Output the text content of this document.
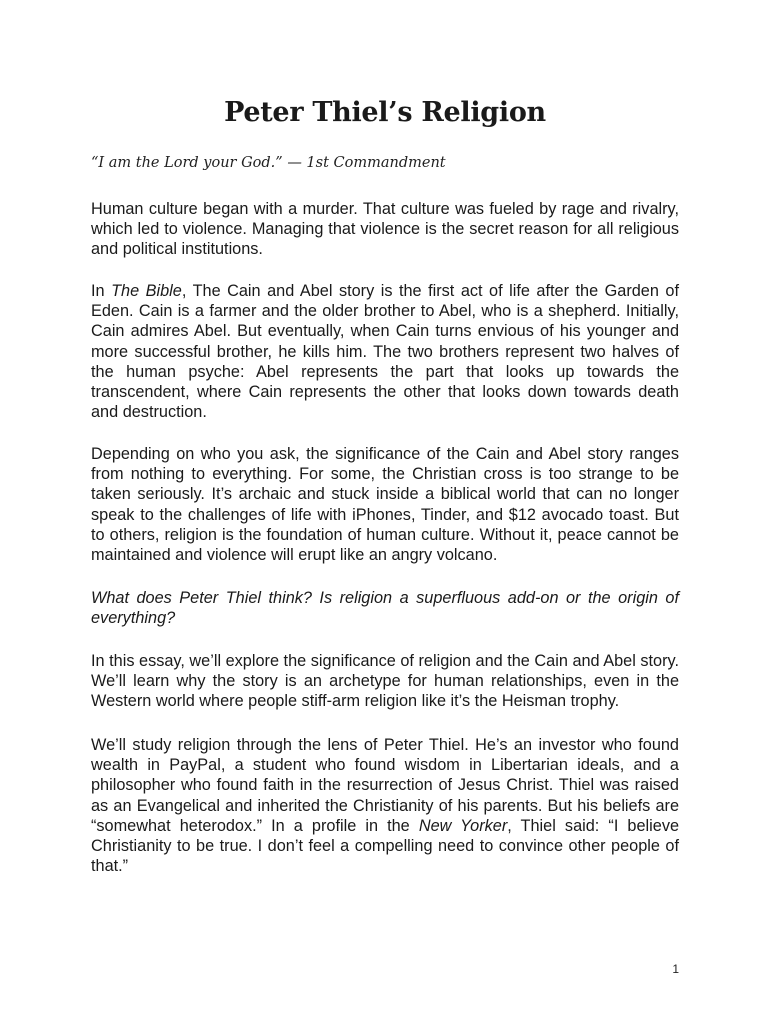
Peter Thiel’s Religion

“I am the Lord your God.” — 1st Commandment

Human culture began with a murder. That culture was fueled by rage and rivalry, which led to violence. Managing that violence is the secret reason for all religious and political institutions.

In The Bible, The Cain and Abel story is the first act of life after the Garden of Eden. Cain is a farmer and the older brother to Abel, who is a shepherd. Initially, Cain admires Abel. But eventually, when Cain turns envious of his younger and more successful brother, he kills him. The two brothers represent two halves of the human psyche: Abel represents the part that looks up towards the transcendent, where Cain represents the other that looks down towards death and destruction.

Depending on who you ask, the significance of the Cain and Abel story ranges from nothing to everything. For some, the Christian cross is too strange to be taken seriously. It’s archaic and stuck inside a biblical world that can no longer speak to the challenges of life with iPhones, Tinder, and $12 avocado toast. But to others, religion is the foundation of human culture. Without it, peace cannot be maintained and violence will erupt like an angry volcano.

What does Peter Thiel think? Is religion a superfluous add-on or the origin of everything?

In this essay, we’ll explore the significance of religion and the Cain and Abel story. We’ll learn why the story is an archetype for human relationships, even in the Western world where people stiff-arm religion like it’s the Heisman trophy.

We’ll study religion through the lens of Peter Thiel. He’s an investor who found wealth in PayPal, a student who found wisdom in Libertarian ideals, and a philosopher who found faith in the resurrection of Jesus Christ. Thiel was raised as an Evangelical and inherited the Christianity of his parents. But his beliefs are “somewhat heterodox.” In a profile in the New Yorker, Thiel said: “I believe Christianity to be true. I don’t feel a compelling need to convince other people of that.”

1
